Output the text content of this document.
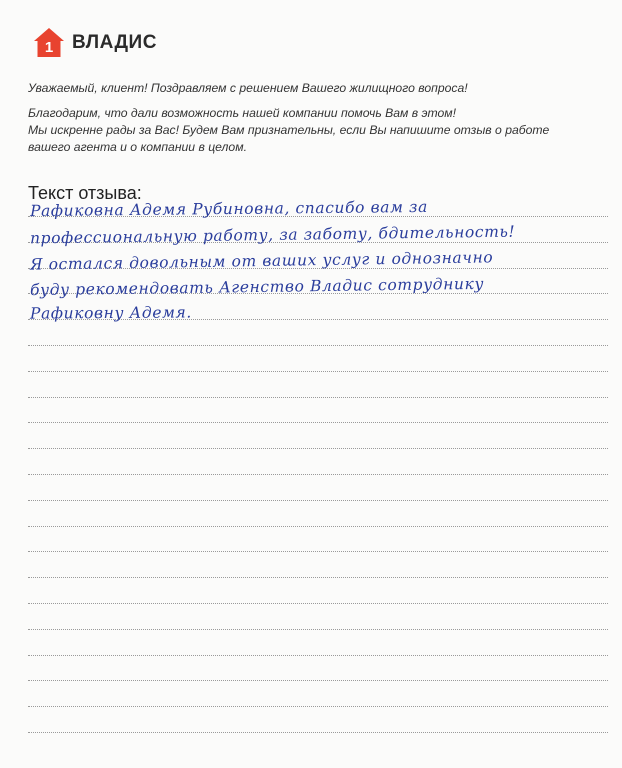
1 ВЛАДИС

Уважаемый, клиент! Поздравляем с решением Вашего жилищного вопроса!

Благодарим, что дали возможность нашей компании помочь Вам в этом!

Мы искренне рады за Вас! Будем Вам признательны, если Вы напишите отзыв о работе

вашего агента и о компании в целом.

Текст отзыва:
Рафиковна Адемя Рубиновна, спасибо вам за
профессиональную работу, за заботу, бдительность!
Я остался довольным от ваших услуг и однозначно
буду рекомендовать Агенство Владис сотруднику
Рафиковну Адемя.
